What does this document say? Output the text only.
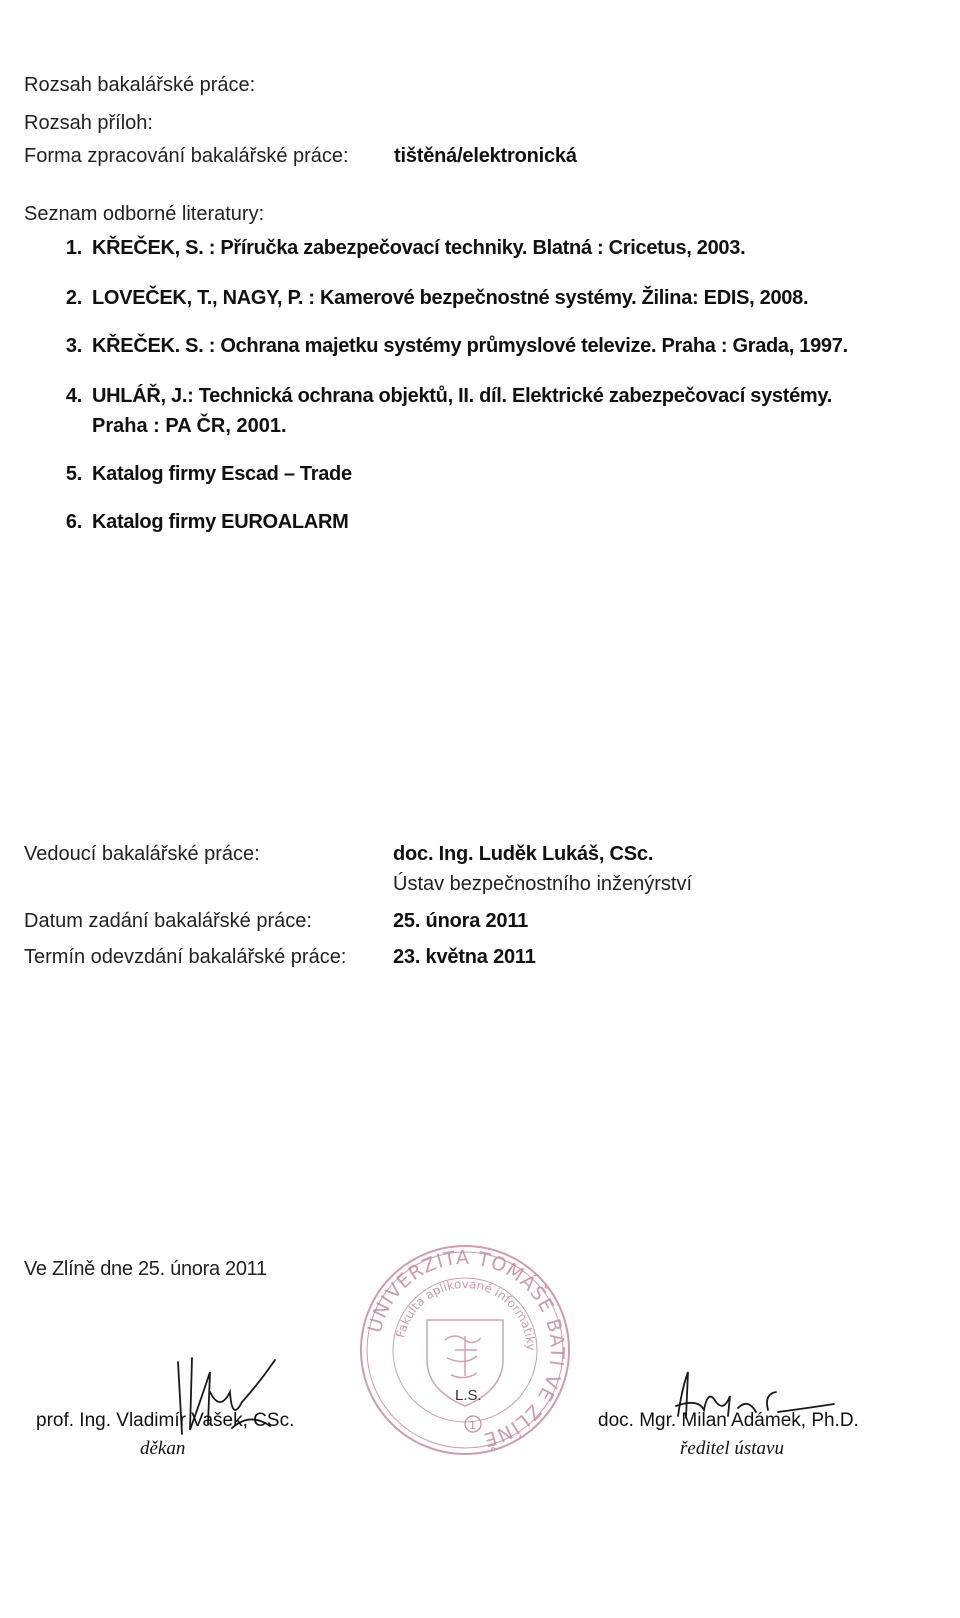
Rozsah bakalářské práce:
Rozsah příloh:
Forma zpracování bakalářské práce: tištěná/elektronická
Seznam odborné literatury:
1. KŘEČEK, S. : Příručka zabezpečovací techniky. Blatná : Cricetus, 2003.
2. LOVEČEK, T., NAGY, P. : Kamerové bezpečnostné systémy. Žilina: EDIS, 2008.
3. KŘEČEK. S. : Ochrana majetku systémy průmyslové televize. Praha : Grada, 1997.
4. UHLÁŘ, J.: Technická ochrana objektů, II. díl. Elektrické zabezpečovací systémy.
Praha : PA ČR, 2001.
5. Katalog firmy Escad – Trade
6. Katalog firmy EUROALARM
Vedoucí bakalářské práce:	doc. Ing. Luděk Lukáš, CSc.
Ústav bezpečnostního inženýrství
Datum zadání bakalářské práce:	25. února 2011
Termín odevzdání bakalářské práce: 23. května 2011
Ve Zlíně dne 25. února 2011
UNIVERZITA TOMÁŠE BATI VE ZLÍNĚ
Fakulta aplikované informatiky
L.S.
1
prof. Ing. Vladimír Vašek, CSc.
děkan
doc. Mgr. Milan Adámek, Ph.D.
ředitel ústavu
